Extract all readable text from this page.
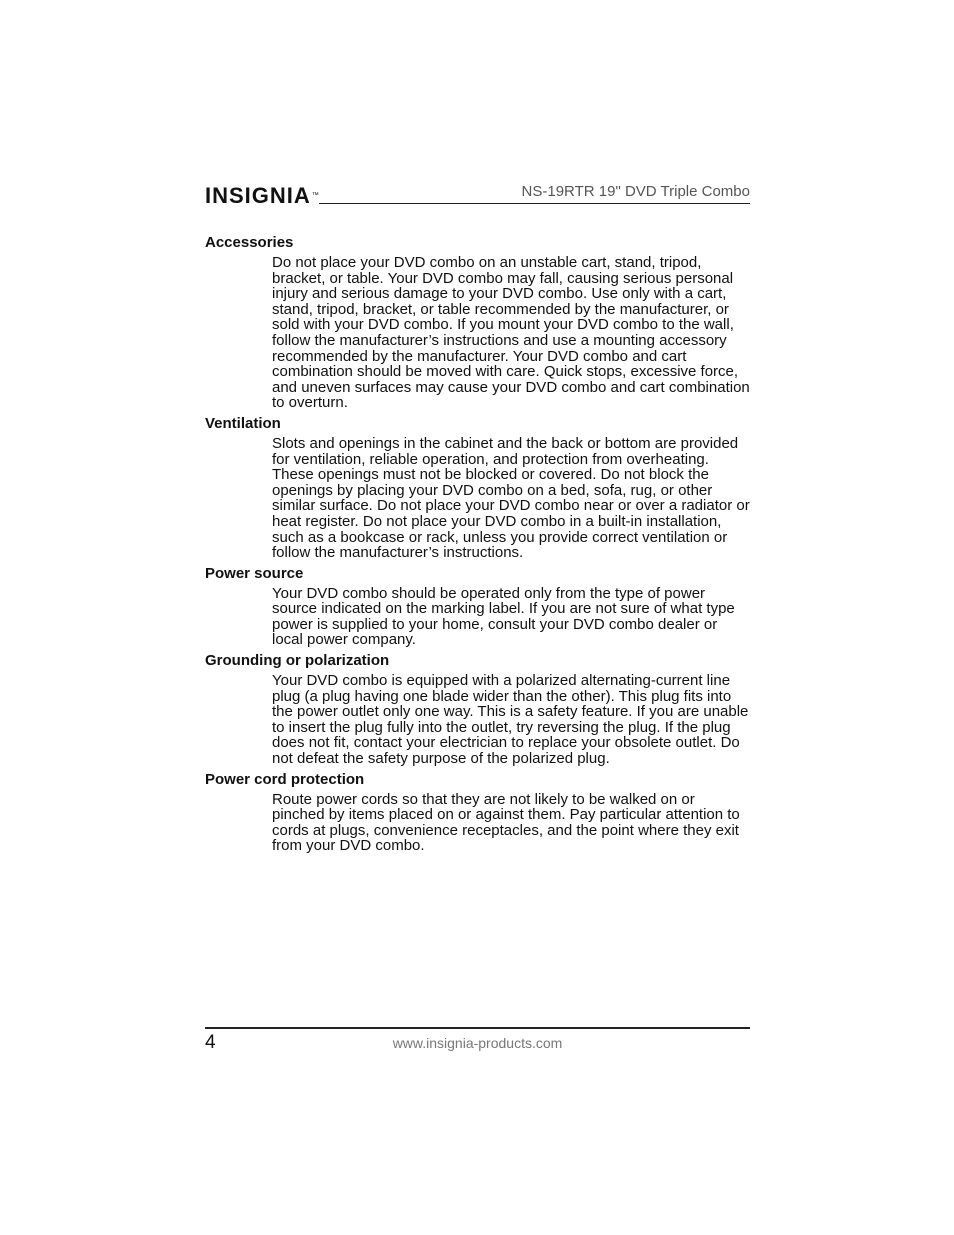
INSIGNIA™	NS-19RTR 19" DVD Triple Combo
Accessories
Do not place your DVD combo on an unstable cart, stand, tripod, bracket, or table. Your DVD combo may fall, causing serious personal injury and serious damage to your DVD combo. Use only with a cart, stand, tripod, bracket, or table recommended by the manufacturer, or sold with your DVD combo. If you mount your DVD combo to the wall, follow the manufacturer’s instructions and use a mounting accessory recommended by the manufacturer. Your DVD combo and cart combination should be moved with care. Quick stops, excessive force, and uneven surfaces may cause your DVD combo and cart combination to overturn.
Ventilation
Slots and openings in the cabinet and the back or bottom are provided for ventilation, reliable operation, and protection from overheating. These openings must not be blocked or covered. Do not block the openings by placing your DVD combo on a bed, sofa, rug, or other similar surface. Do not place your DVD combo near or over a radiator or heat register. Do not place your DVD combo in a built-in installation, such as a bookcase or rack, unless you provide correct ventilation or follow the manufacturer’s instructions.
Power source
Your DVD combo should be operated only from the type of power source indicated on the marking label. If you are not sure of what type power is supplied to your home, consult your DVD combo dealer or local power company.
Grounding or polarization
Your DVD combo is equipped with a polarized alternating-current line plug (a plug having one blade wider than the other). This plug fits into the power outlet only one way. This is a safety feature. If you are unable to insert the plug fully into the outlet, try reversing the plug. If the plug does not fit, contact your electrician to replace your obsolete outlet. Do not defeat the safety purpose of the polarized plug.
Power cord protection
Route power cords so that they are not likely to be walked on or pinched by items placed on or against them. Pay particular attention to cords at plugs, convenience receptacles, and the point where they exit from your DVD combo.
4	www.insignia-products.com
